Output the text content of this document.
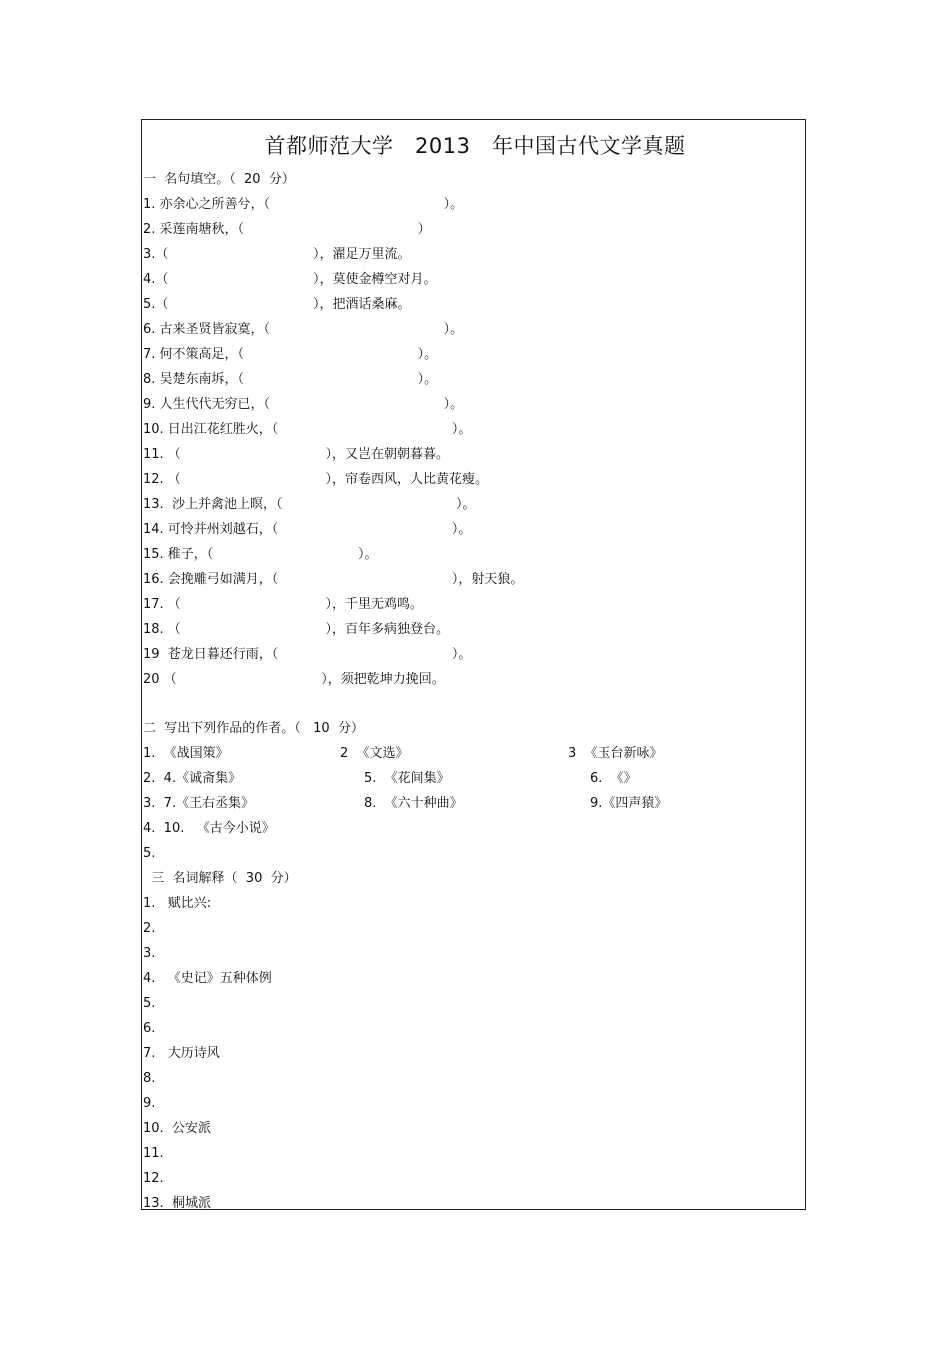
首都师范大学   2013   年中国古代文学真题
一  名句填空。（  20  分）
1. 亦余心之所善兮，（                                          ）。
2. 采莲南塘秋，（                                          ）
3.（                                   ），濯足万里流。
4.（                                   ），莫使金樽空对月。
5.（                                   ），把酒话桑麻。
6. 古来圣贤皆寂寞，（                                          ）。
7. 何不策高足，（                                          ）。
8. 吴楚东南坼，（                                          ）。
9. 人生代代无穷已，（                                          ）。
10. 日出江花红胜火，（                                          ）。
11. （                                   ），又岂在朝朝暮暮。
12. （                                   ），帘卷西风，人比黄花瘦。
13.  沙上并禽池上暝，（                                          ）。
14. 可怜并州刘越石，（                                          ）。
15. 稚子，（                                   ）。
16. 会挽雕弓如满月，（                                          ），射天狼。
17. （                                   ），千里无鸡鸣。
18. （                                   ），百年多病独登台。
19  苍龙日暮还行雨，（                                          ）。
20 （                                   ），须把乾坤力挽回。
二  写出下列作品的作者。（   10  分）
1.  《战国策》	2  《文选》	3  《玉台新咏》
2.  4.《诚斋集》	5.  《花间集》	6.  《》
3.  7.《王右丞集》	8.  《六十种曲》	9.《四声猿》
4.  10.   《古今小说》
5.
三  名词解释（  30  分）
1.   赋比兴:
2.
3.
4.   《史记》五种体例
5.
6.
7.   大历诗风
8.
9.
10.  公安派
11.
12.
13.  桐城派
